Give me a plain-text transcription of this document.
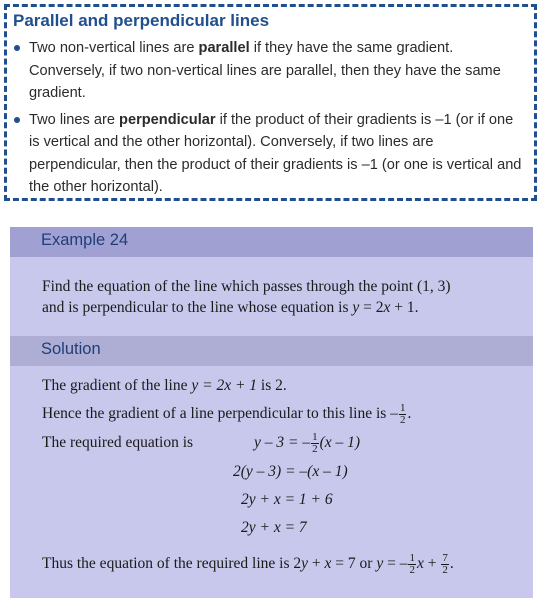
Parallel and perpendicular lines
Two non-vertical lines are parallel if they have the same gradient. Conversely, if two non-vertical lines are parallel, then they have the same gradient.
Two lines are perpendicular if the product of their gradients is –1 (or if one is vertical and the other horizontal). Conversely, if two lines are perpendicular, then the product of their gradients is –1 (or one is vertical and the other horizontal).
Example 24
Find the equation of the line which passes through the point (1, 3)
and is perpendicular to the line whose equation is y = 2x + 1.
Solution
The gradient of the line y = 2x + 1 is 2.
Hence the gradient of a line perpendicular to this line is – $\frac{1}{2}$ .
The required equation is	y – 3 = – $\frac{1}{2} (x - 1)$
2(y – 3) = –(x – 1)
2y + x = 1 + 6
2y + x = 7
Thus the equation of the required line is 2y + x = 7 or y = – $\frac{1}{2}$ $x + \frac{7}{2}$ .
